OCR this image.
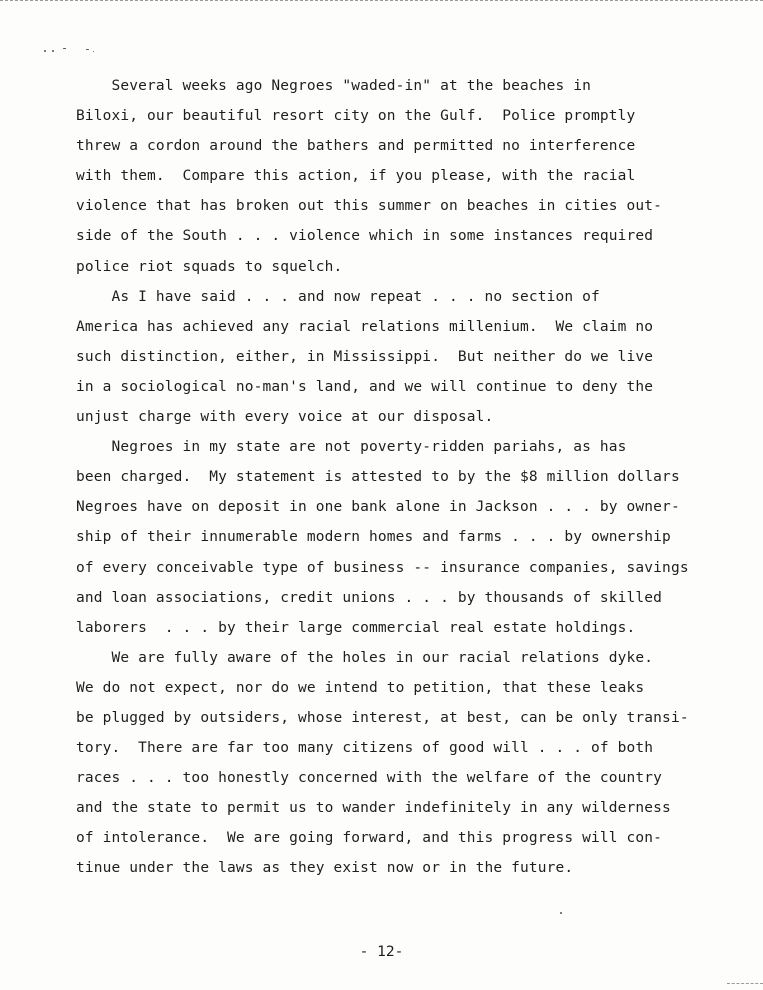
Several weeks ago Negroes "waded-in" at the beaches in
Biloxi, our beautiful resort city on the Gulf.  Police promptly
threw a cordon around the bathers and permitted no interference
with them.  Compare this action, if you please, with the racial
violence that has broken out this summer on beaches in cities out-
side of the South . . . violence which in some instances required
police riot squads to squelch.
As I have said . . . and now repeat . . . no section of
America has achieved any racial relations millenium.  We claim no
such distinction, either, in Mississippi.  But neither do we live
in a sociological no-man's land, and we will continue to deny the
unjust charge with every voice at our disposal.
Negroes in my state are not poverty-ridden pariahs, as has
been charged.  My statement is attested to by the $8 million dollars
Negroes have on deposit in one bank alone in Jackson . . . by owner-
ship of their innumerable modern homes and farms . . . by ownership
of every conceivable type of business -- insurance companies, savings
and loan associations, credit unions . . . by thousands of skilled
laborers  . . . by their large commercial real estate holdings.
We are fully aware of the holes in our racial relations dyke.
We do not expect, nor do we intend to petition, that these leaks
be plugged by outsiders, whose interest, at best, can be only transi-
tory.  There are far too many citizens of good will . . . of both
races . . . too honestly concerned with the welfare of the country
and the state to permit us to wander indefinitely in any wilderness
of intolerance.  We are going forward, and this progress will con-
tinue under the laws as they exist now or in the future.
- 12-
